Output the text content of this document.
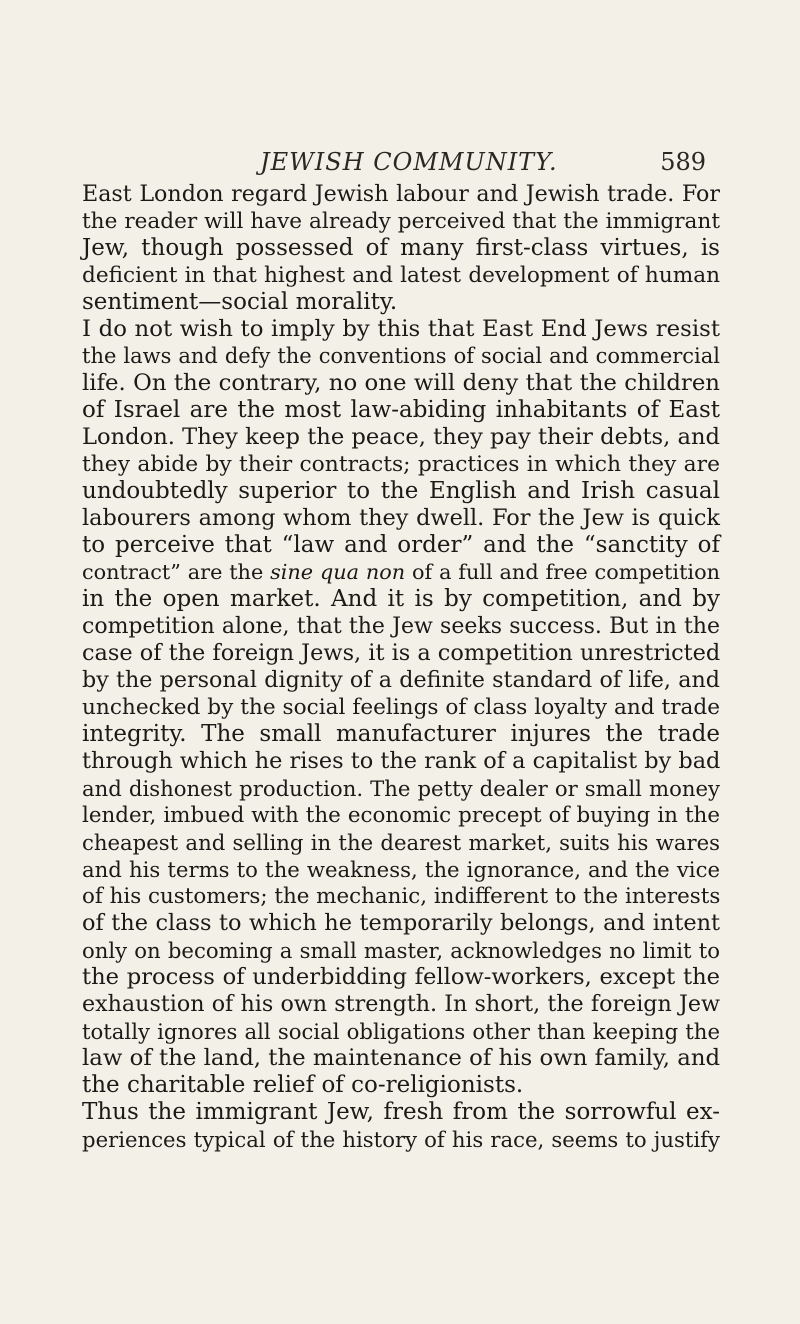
JEWISH COMMUNITY.	589
East London regard Jewish labour and Jewish trade. For
the reader will have already perceived that the immigrant
Jew, though possessed of many first-class virtues, is
deficient in that highest and latest development of human
sentiment—social morality.
I do not wish to imply by this that East End Jews resist
the laws and defy the conventions of social and commercial
life. On the contrary, no one will deny that the children
of Israel are the most law-abiding inhabitants of East
London. They keep the peace, they pay their debts, and
they abide by their contracts; practices in which they are
undoubtedly superior to the English and Irish casual
labourers among whom they dwell. For the Jew is quick
to perceive that “law and order” and the “sanctity of
contract” are the sine qua non of a full and free competition
in the open market. And it is by competition, and by
competition alone, that the Jew seeks success. But in the
case of the foreign Jews, it is a competition unrestricted
by the personal dignity of a definite standard of life, and
unchecked by the social feelings of class loyalty and trade
integrity. The small manufacturer injures the trade
through which he rises to the rank of a capitalist by bad
and dishonest production. The petty dealer or small money
lender, imbued with the economic precept of buying in the
cheapest and selling in the dearest market, suits his wares
and his terms to the weakness, the ignorance, and the vice
of his customers; the mechanic, indifferent to the interests
of the class to which he temporarily belongs, and intent
only on becoming a small master, acknowledges no limit to
the process of underbidding fellow-workers, except the
exhaustion of his own strength. In short, the foreign Jew
totally ignores all social obligations other than keeping the
law of the land, the maintenance of his own family, and
the charitable relief of co-religionists.
Thus the immigrant Jew, fresh from the sorrowful ex-
periences typical of the history of his race, seems to justify
